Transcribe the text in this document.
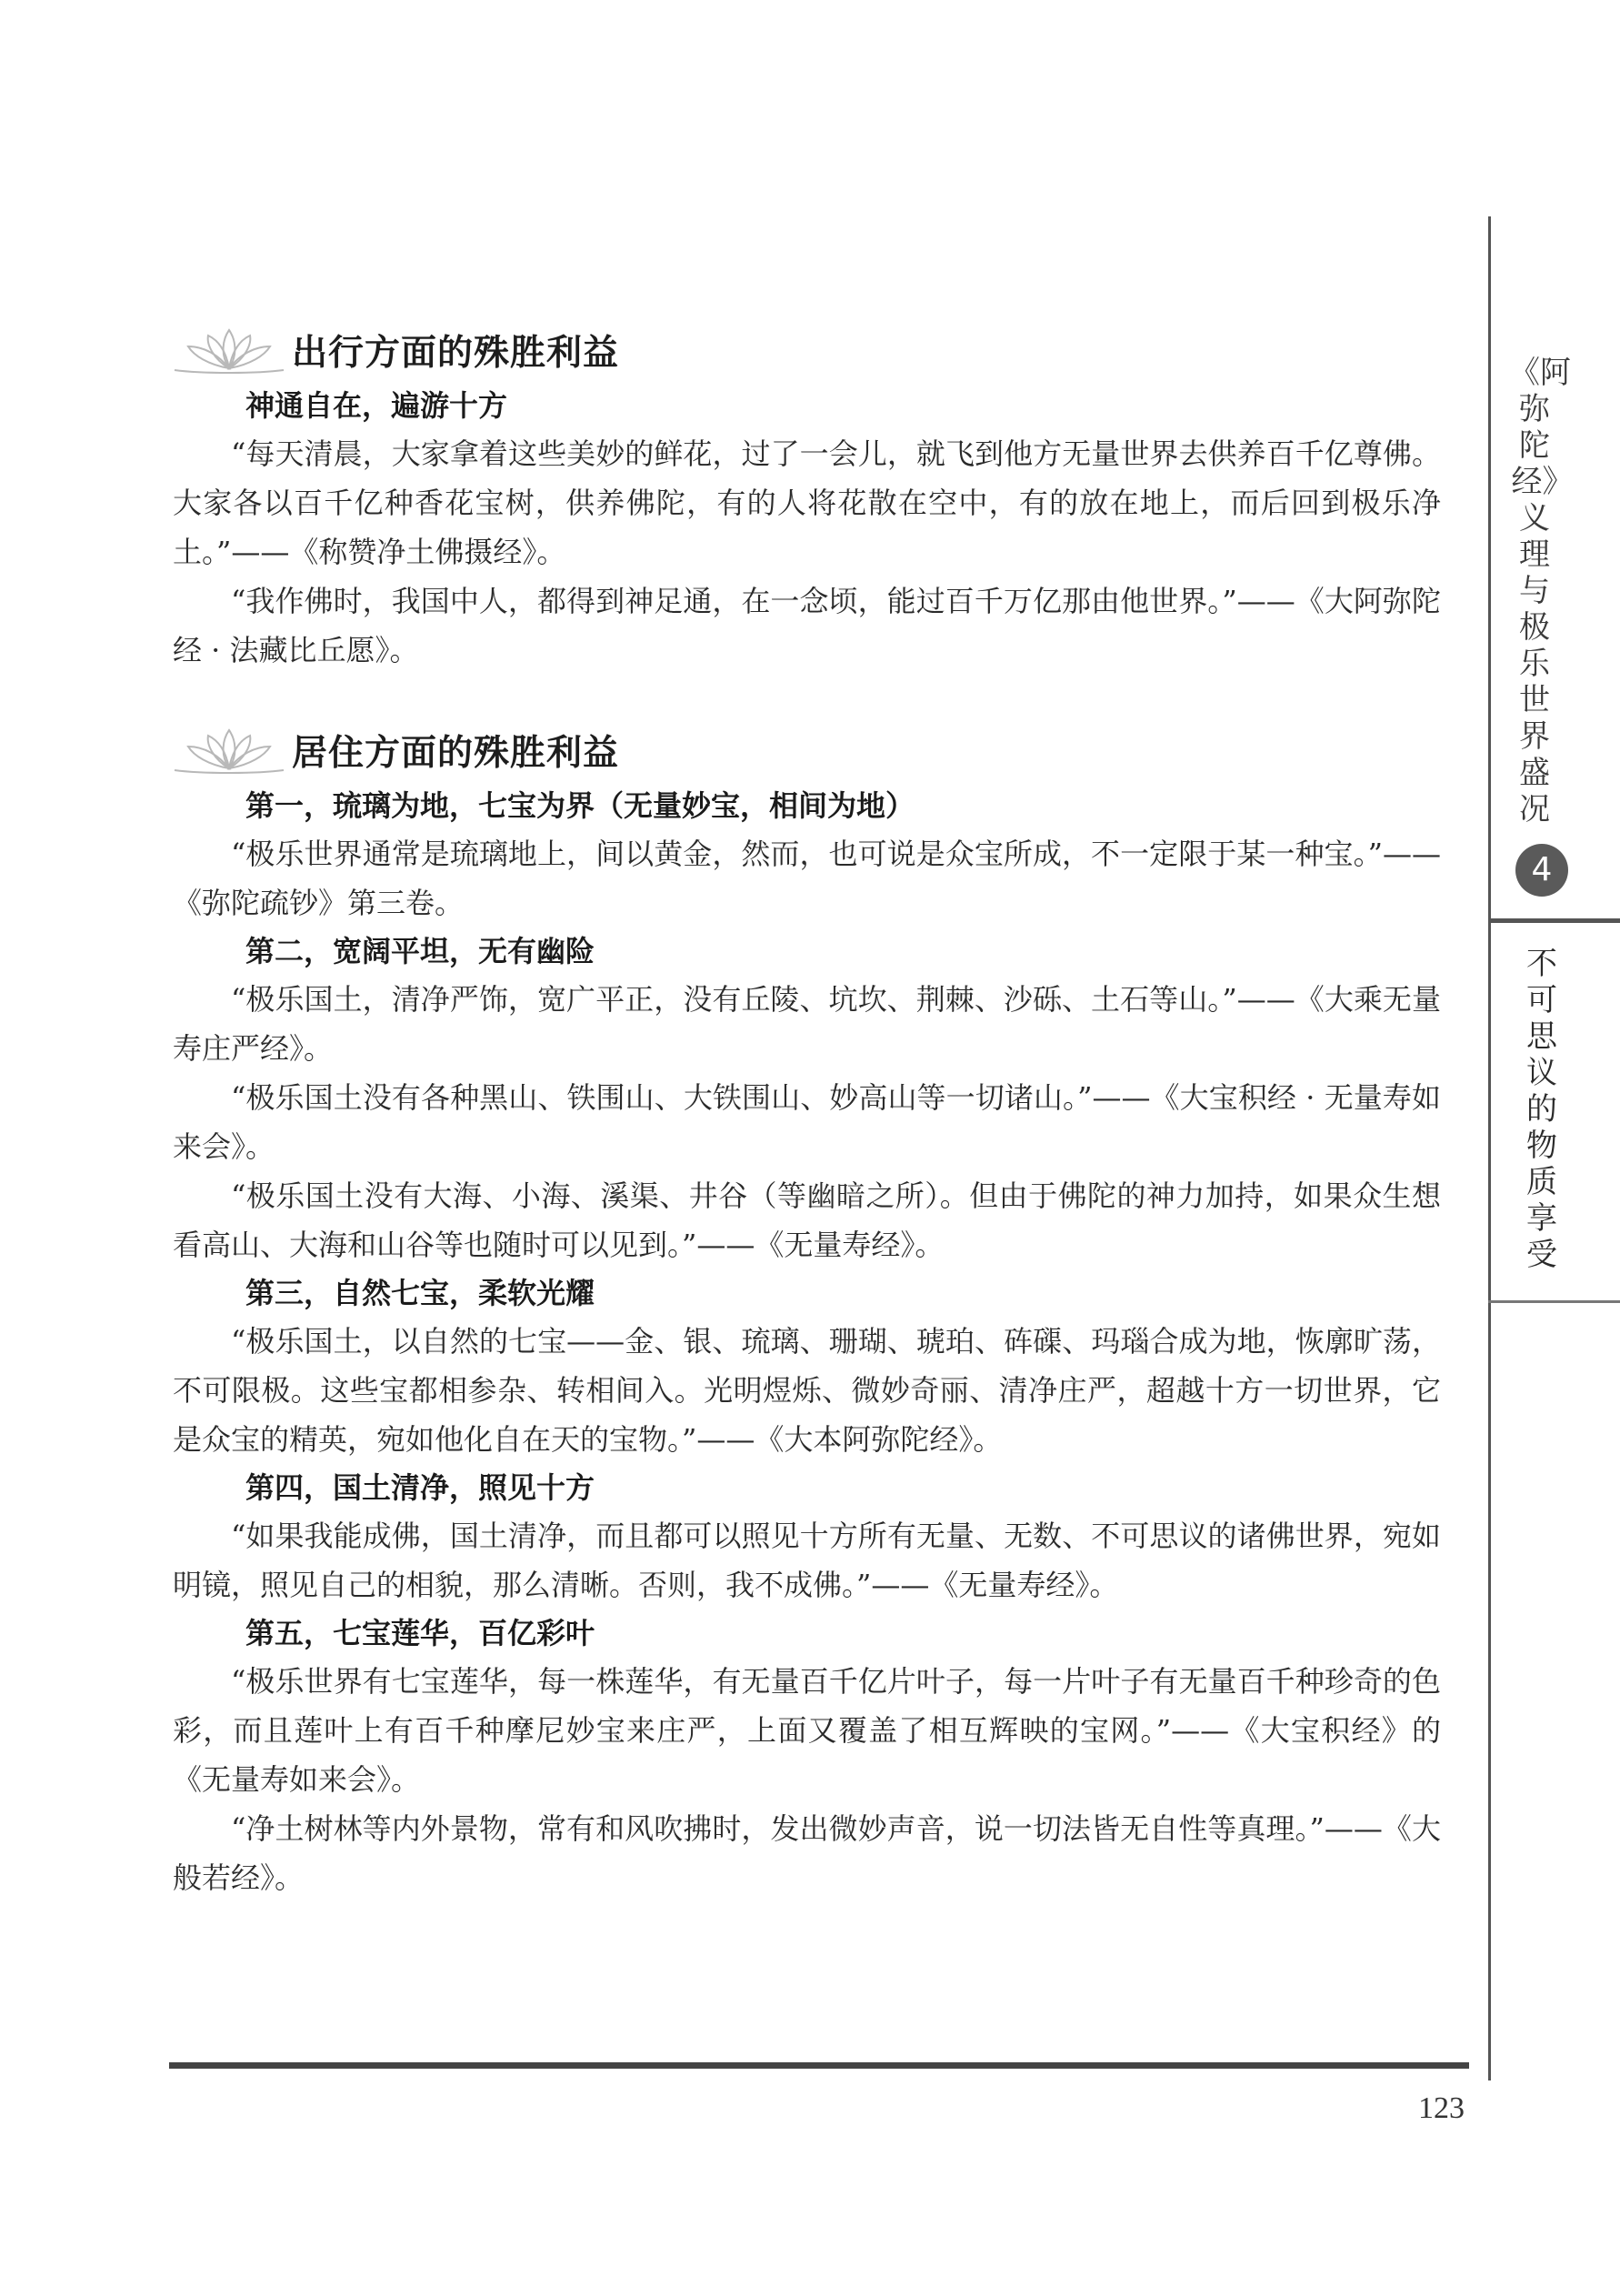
《阿弥陀经》义理与极乐世界盛况
4
不可思议的物质享受
出行方面的殊胜利益
神通自在，遍游十方

“每天清晨，大家拿着这些美妙的鲜花，过了一会儿，就飞到他方无量世界去供养百千亿尊佛。大家各以百千亿种香花宝树，供养佛陀，有的人将花散在空中，有的放在地上，而后回到极乐净土。”——《称赞净土佛摄经》。

“我作佛时，我国中人，都得到神足通，在一念顷，能过百千万亿那由他世界。”——《大阿弥陀经 · 法藏比丘愿》。

居住方面的殊胜利益
第一，琉璃为地，七宝为界（无量妙宝，相间为地）

“极乐世界通常是琉璃地上，间以黄金，然而，也可说是众宝所成，不一定限于某一种宝。”——《弥陀疏钞》第三卷。

第二，宽阔平坦，无有幽险

“极乐国土，清净严饰，宽广平正，没有丘陵、坑坎、荆棘、沙砾、土石等山。”——《大乘无量寿庄严经》。

“极乐国土没有各种黑山、铁围山、大铁围山、妙高山等一切诸山。”——《大宝积经 · 无量寿如来会》。

“极乐国土没有大海、小海、溪渠、井谷（等幽暗之所）。但由于佛陀的神力加持，如果众生想看高山、大海和山谷等也随时可以见到。”——《无量寿经》。

第三，自然七宝，柔软光耀

“极乐国土，以自然的七宝——金、银、琉璃、珊瑚、琥珀、砗磲、玛瑙合成为地，恢廓旷荡，不可限极。这些宝都相参杂、转相间入。光明煜烁、微妙奇丽、清净庄严，超越十方一切世界，它是众宝的精英，宛如他化自在天的宝物。”——《大本阿弥陀经》。

第四，国土清净，照见十方

“如果我能成佛，国土清净，而且都可以照见十方所有无量、无数、不可思议的诸佛世界，宛如明镜，照见自己的相貌，那么清晰。否则，我不成佛。”——《无量寿经》。

第五，七宝莲华，百亿彩叶

“极乐世界有七宝莲华，每一株莲华，有无量百千亿片叶子，每一片叶子有无量百千种珍奇的色彩，而且莲叶上有百千种摩尼妙宝来庄严，上面又覆盖了相互辉映的宝网。”——《大宝积经》的《无量寿如来会》。

“净土树林等内外景物，常有和风吹拂时，发出微妙声音，说一切法皆无自性等真理。”——《大般若经》。

123
